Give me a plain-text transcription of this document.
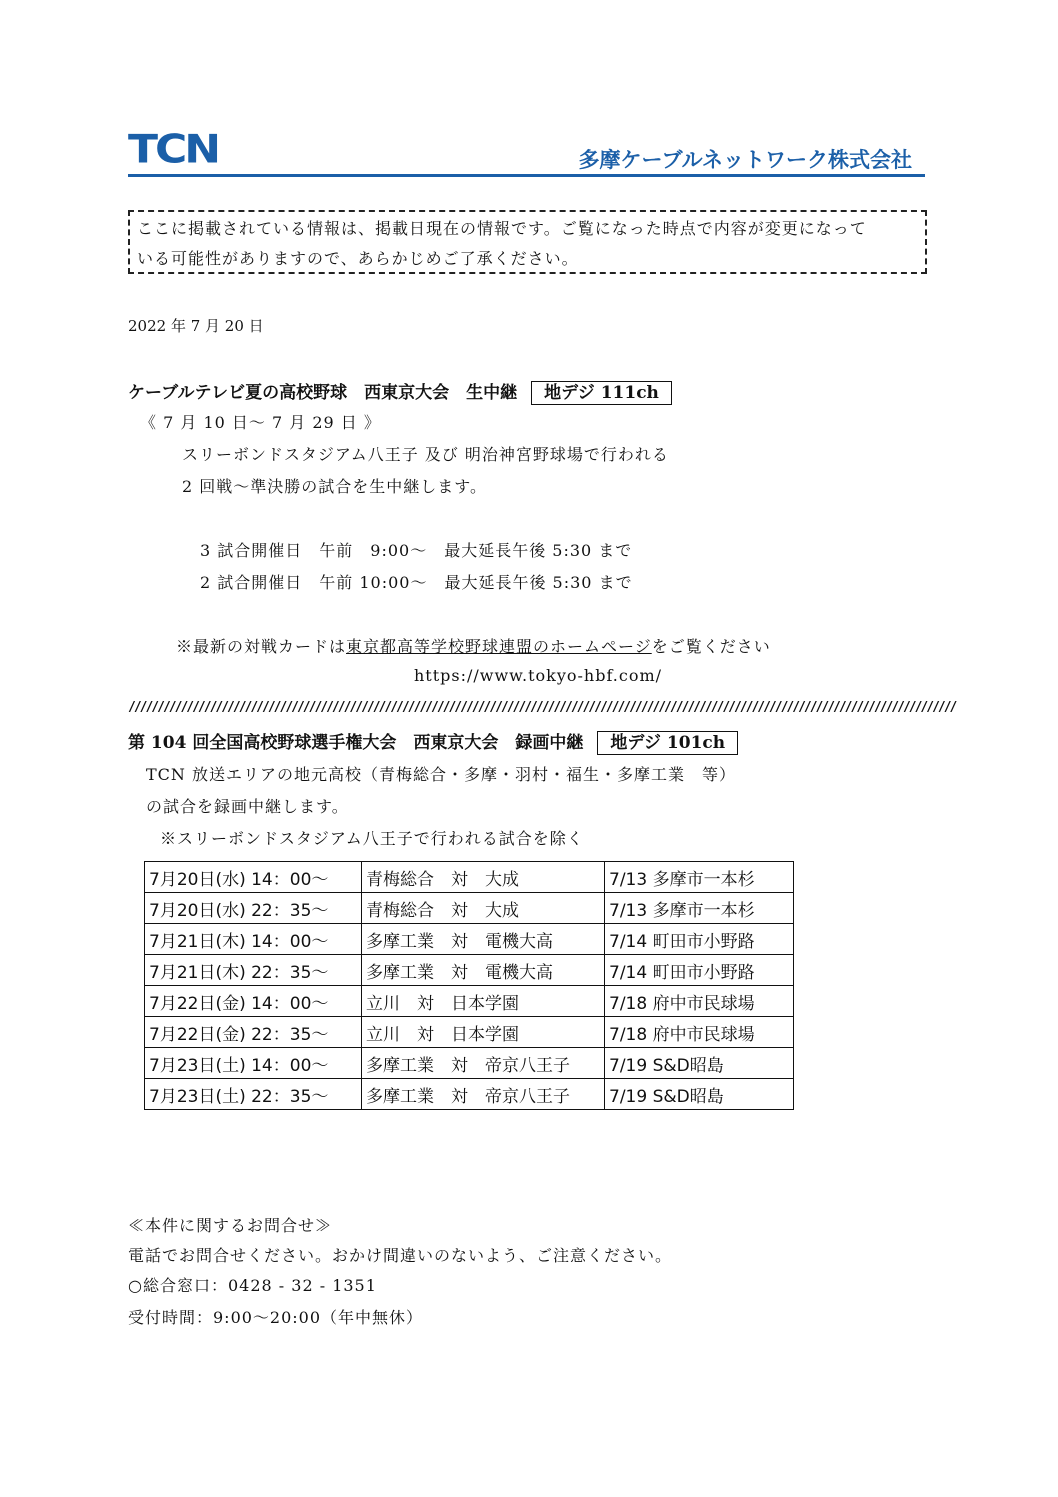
TCN	多摩ケーブルネットワーク株式会社
ここに掲載されている情報は、掲載日現在の情報です。ご覧になった時点で内容が変更になって
いる可能性がありますので、あらかじめご了承ください。
2022 年 7 月 20 日
ケーブルテレビ夏の高校野球　西東京大会　生中継 地デジ 111ch
《 7 月 10 日～ 7 月 29 日 》
スリーボンドスタジアム八王子 及び 明治神宮野球場で行われる
2 回戦～準決勝の試合を生中継します。
3 試合開催日　午前　9:00～　最大延長午後 5:30 まで
2 試合開催日　午前 10:00～　最大延長午後 5:30 まで
※最新の対戦カードは東京都高等学校野球連盟のホームページをご覧ください
https://www.tokyo-hbf.com/
//////////////////////////////////////////////////////////////////////////////////////////////////////////////////////////////////////////////
第 104 回全国高校野球選手権大会　西東京大会　録画中継 地デジ 101ch
TCN 放送エリアの地元高校（青梅総合・多摩・羽村・福生・多摩工業　等）
の試合を録画中継します。
※スリーボンドスタジアム八王子で行われる試合を除く
7月20日(水) 14：00～	青梅総合　対　大成	7/13 多摩市一本杉
7月20日(水) 22：35～	青梅総合　対　大成	7/13 多摩市一本杉
7月21日(木) 14：00～	多摩工業　対　電機大高	7/14 町田市小野路
7月21日(木) 22：35～	多摩工業　対　電機大高	7/14 町田市小野路
7月22日(金) 14：00～	立川　対　日本学園	7/18 府中市民球場
7月22日(金) 22：35～	立川　対　日本学園	7/18 府中市民球場
7月23日(土) 14：00～	多摩工業　対　帝京八王子	7/19 S&D昭島
7月23日(土) 22：35～	多摩工業　対　帝京八王子	7/19 S&D昭島
≪本件に関するお問合せ≫
電話でお問合せください。おかけ間違いのないよう、ご注意ください。
○総合窓口：0428 - 32 - 1351
受付時間：9:00～20:00（年中無休）
